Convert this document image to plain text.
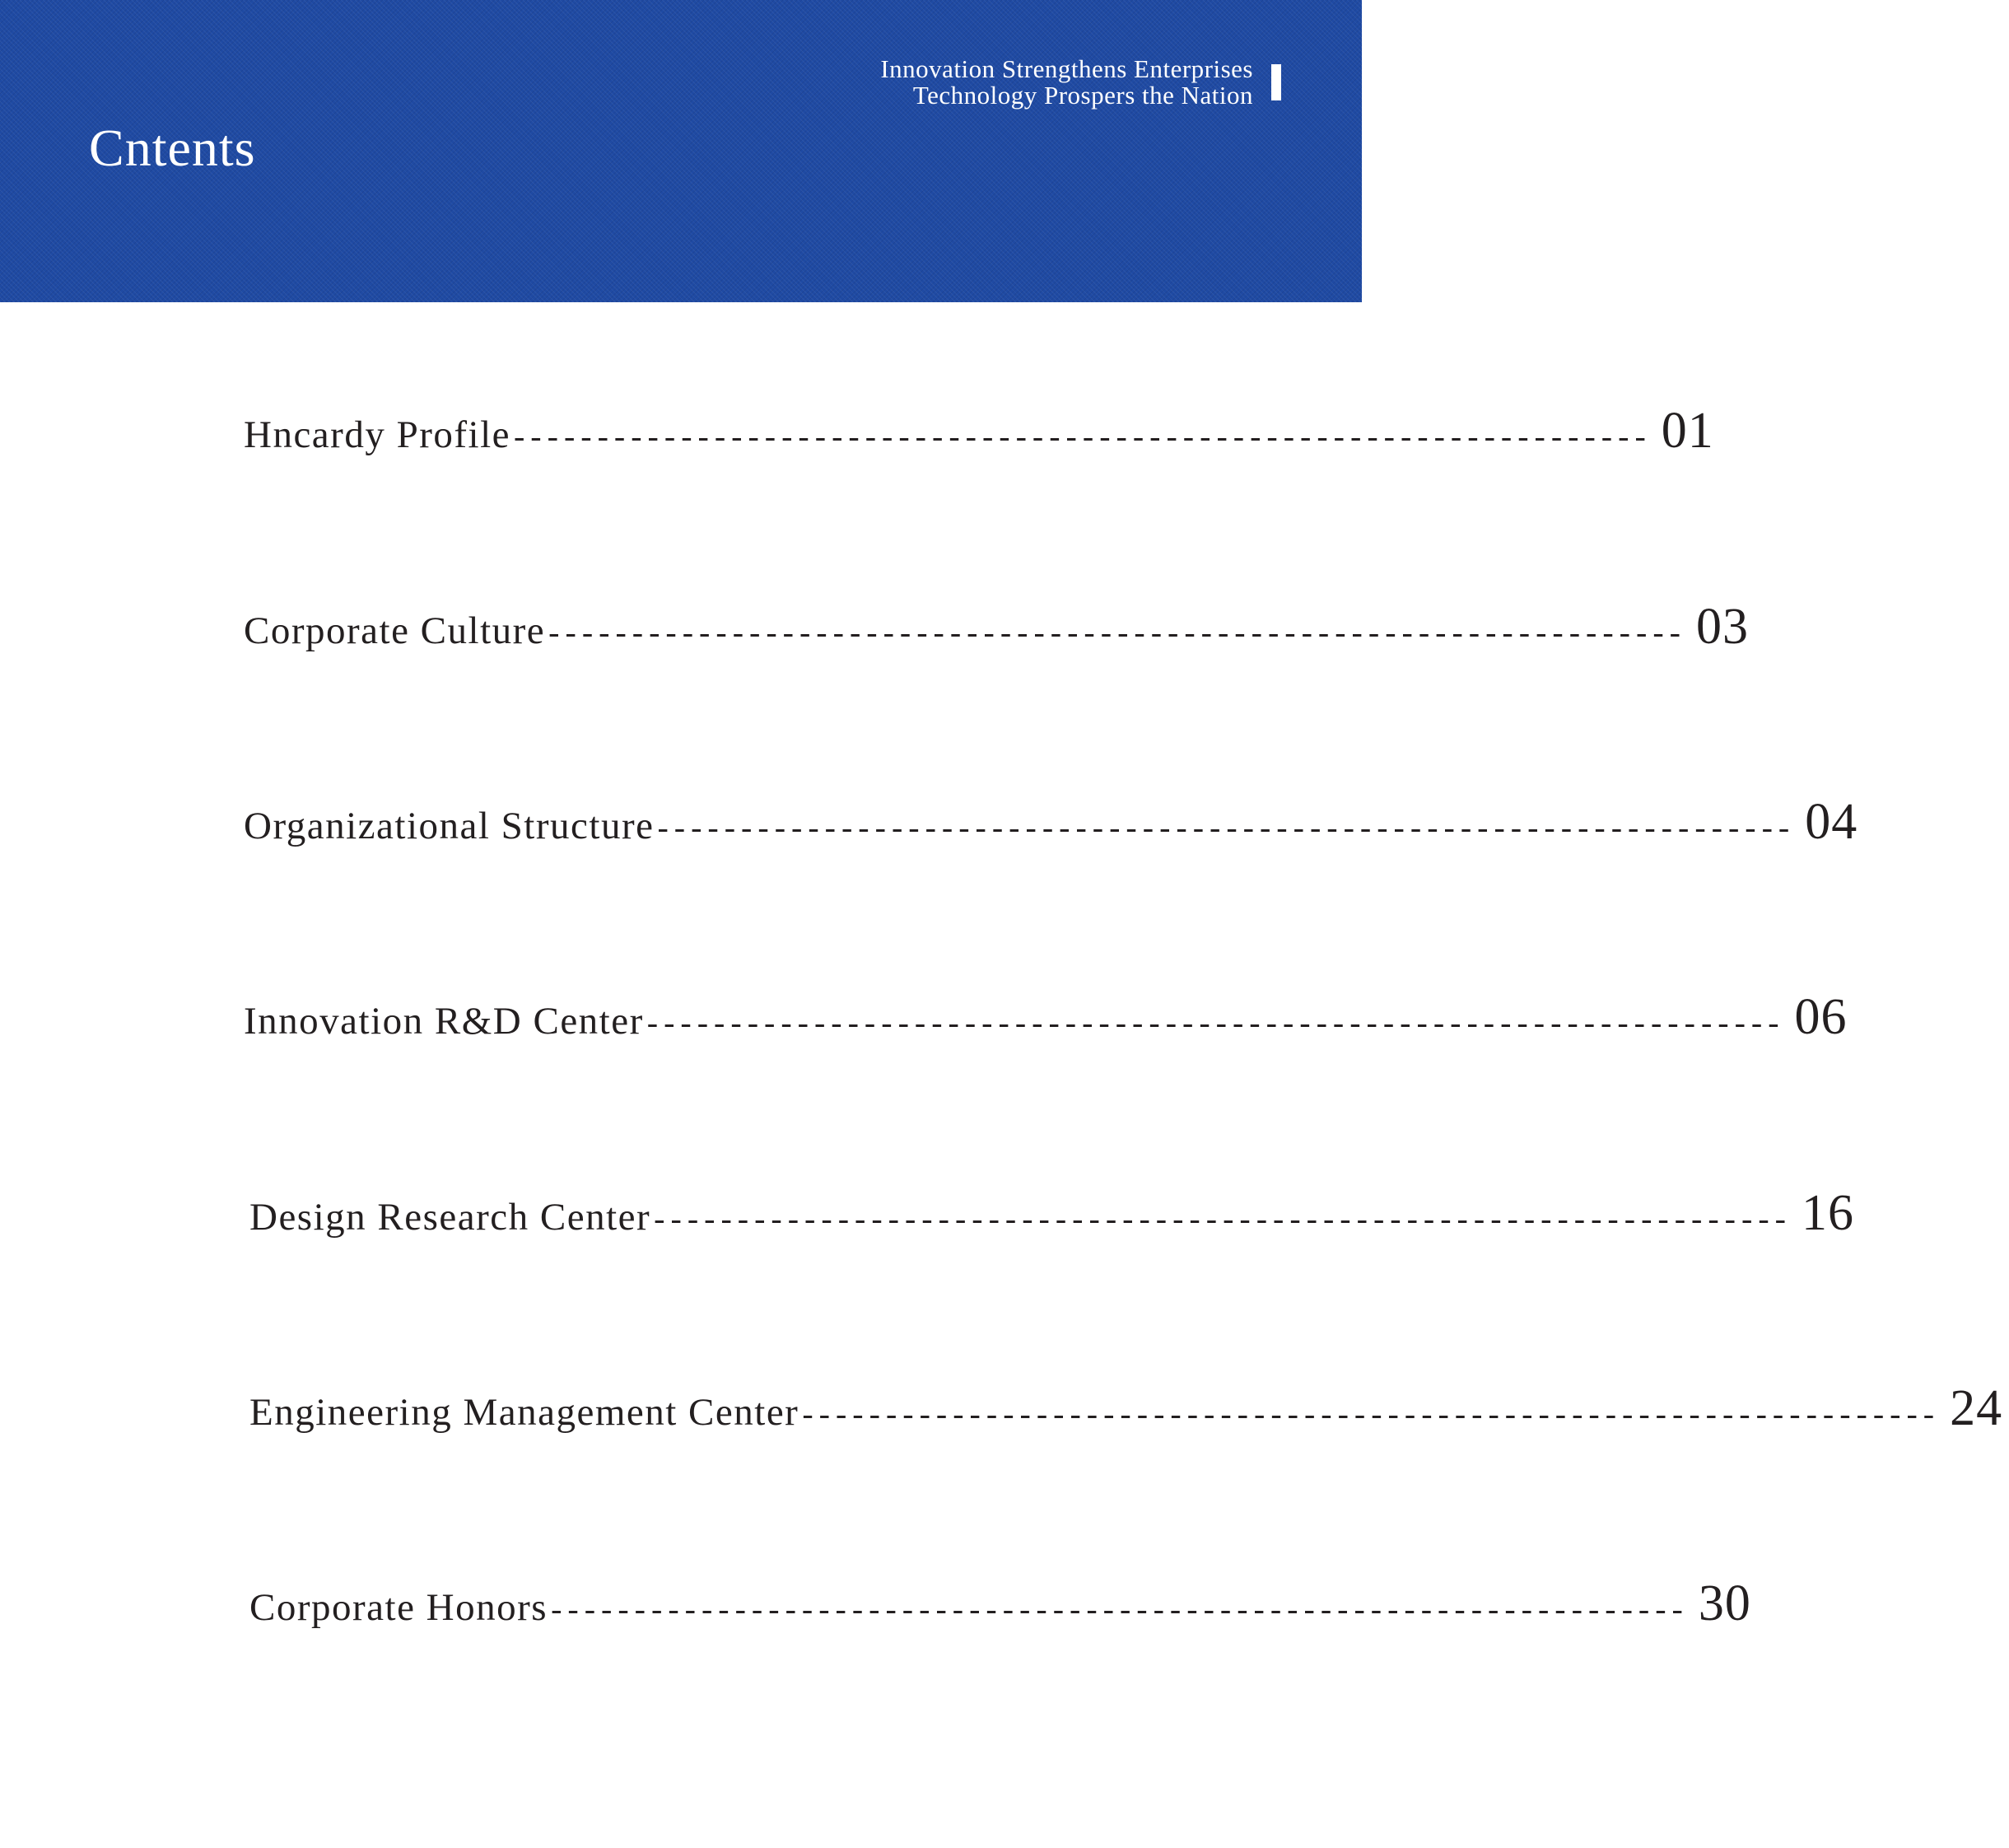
Cntents
Innovation Strengthens Enterprises
Technology Prospers the Nation
Hncardy Profile -------------------------------------------------------------------- 01
Corporate Culture -------------------------------------------------------------------- 03
Organizational Structure -------------------------------------------------------------------- 04
Innovation R&D Center -------------------------------------------------------------------- 06
Design Research Center -------------------------------------------------------------------- 16
Engineering Management Center -------------------------------------------------------------------- 24
Corporate Honors -------------------------------------------------------------------- 30
